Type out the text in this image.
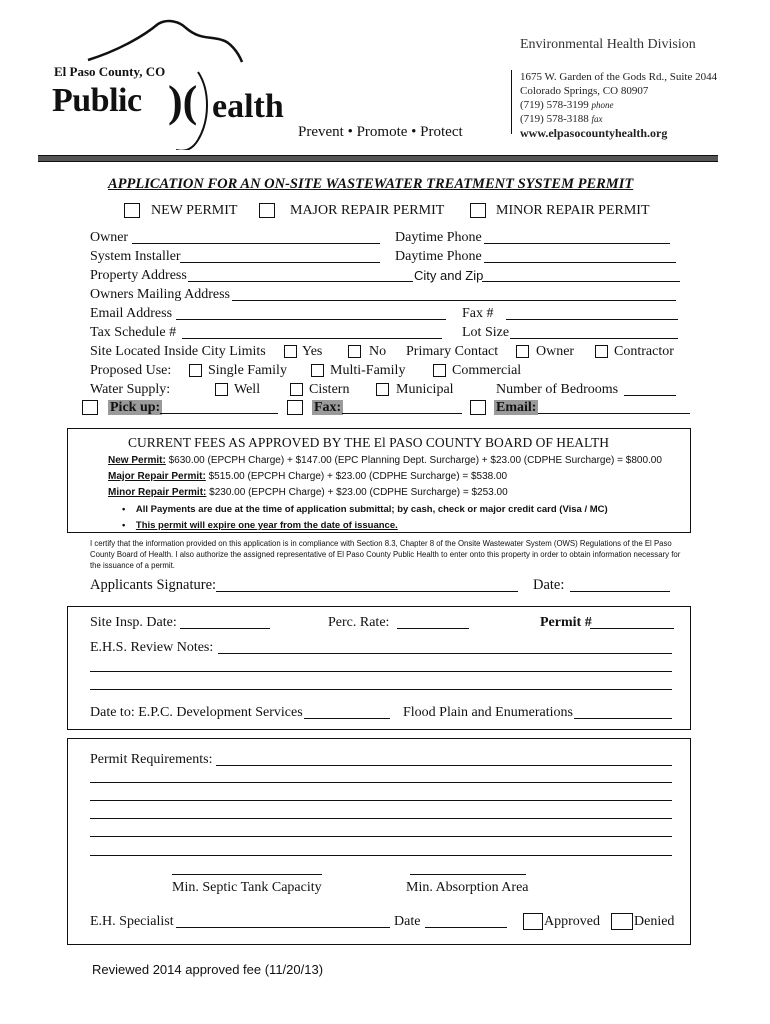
El Paso County, CO
Public )( ealth
Prevent • Promote • Protect
Environmental Health Division
1675 W. Garden of the Gods Rd., Suite 2044
Colorado Springs, CO 80907
(719) 578-3199 phone
(719) 578-3188 fax
www.elpasocountyhealth.org
APPLICATION FOR AN ON-SITE WASTEWATER TREATMENT SYSTEM PERMIT
NEW PERMIT	MAJOR REPAIR PERMIT	MINOR REPAIR PERMIT
Owner	Daytime Phone
System Installer	Daytime Phone
Property Address	City and Zip
Owners Mailing Address
Email Address	Fax #
Tax Schedule #	Lot Size
Site Located Inside City Limits	Yes	No Primary Contact	Owner	Contractor
Proposed Use:	Single Family	Multi-Family	Commercial
Water Supply:	Well	Cistern	Municipal	Number of Bedrooms
Pick up:	Fax:	Email:
CURRENT FEES AS APPROVED BY THE El PASO COUNTY BOARD OF HEALTH
New Permit: $630.00 (EPCPH Charge) + $147.00 (EPC Planning Dept. Surcharge) + $23.00 (CDPHE Surcharge) = $800.00
Major Repair Permit: $515.00 (EPCPH Charge) + $23.00 (CDPHE Surcharge) = $538.00
Minor Repair Permit: $230.00 (EPCPH Charge) + $23.00 (CDPHE Surcharge) = $253.00
• All Payments are due at the time of application submittal; by cash, check or major credit card (Visa / MC)
• This permit will expire one year from the date of issuance.
I certify that the information provided on this application is in compliance with Section 8.3, Chapter 8 of the Onsite Wastewater System (OWS) Regulations of the El Paso County Board of Health. I also authorize the assigned representative of El Paso County Public Health to enter onto this property in order to obtain information necessary for the issuance of a permit.
Applicants Signature:	Date:
Site Insp. Date:	Perc. Rate:	Permit #
E.H.S. Review Notes:
Date to: E.P.C. Development Services	Flood Plain and Enumerations
Permit Requirements:
Min. Septic Tank Capacity	Min. Absorption Area
E.H. Specialist	Date	Approved Denied
Reviewed 2014 approved fee (11/20/13)
